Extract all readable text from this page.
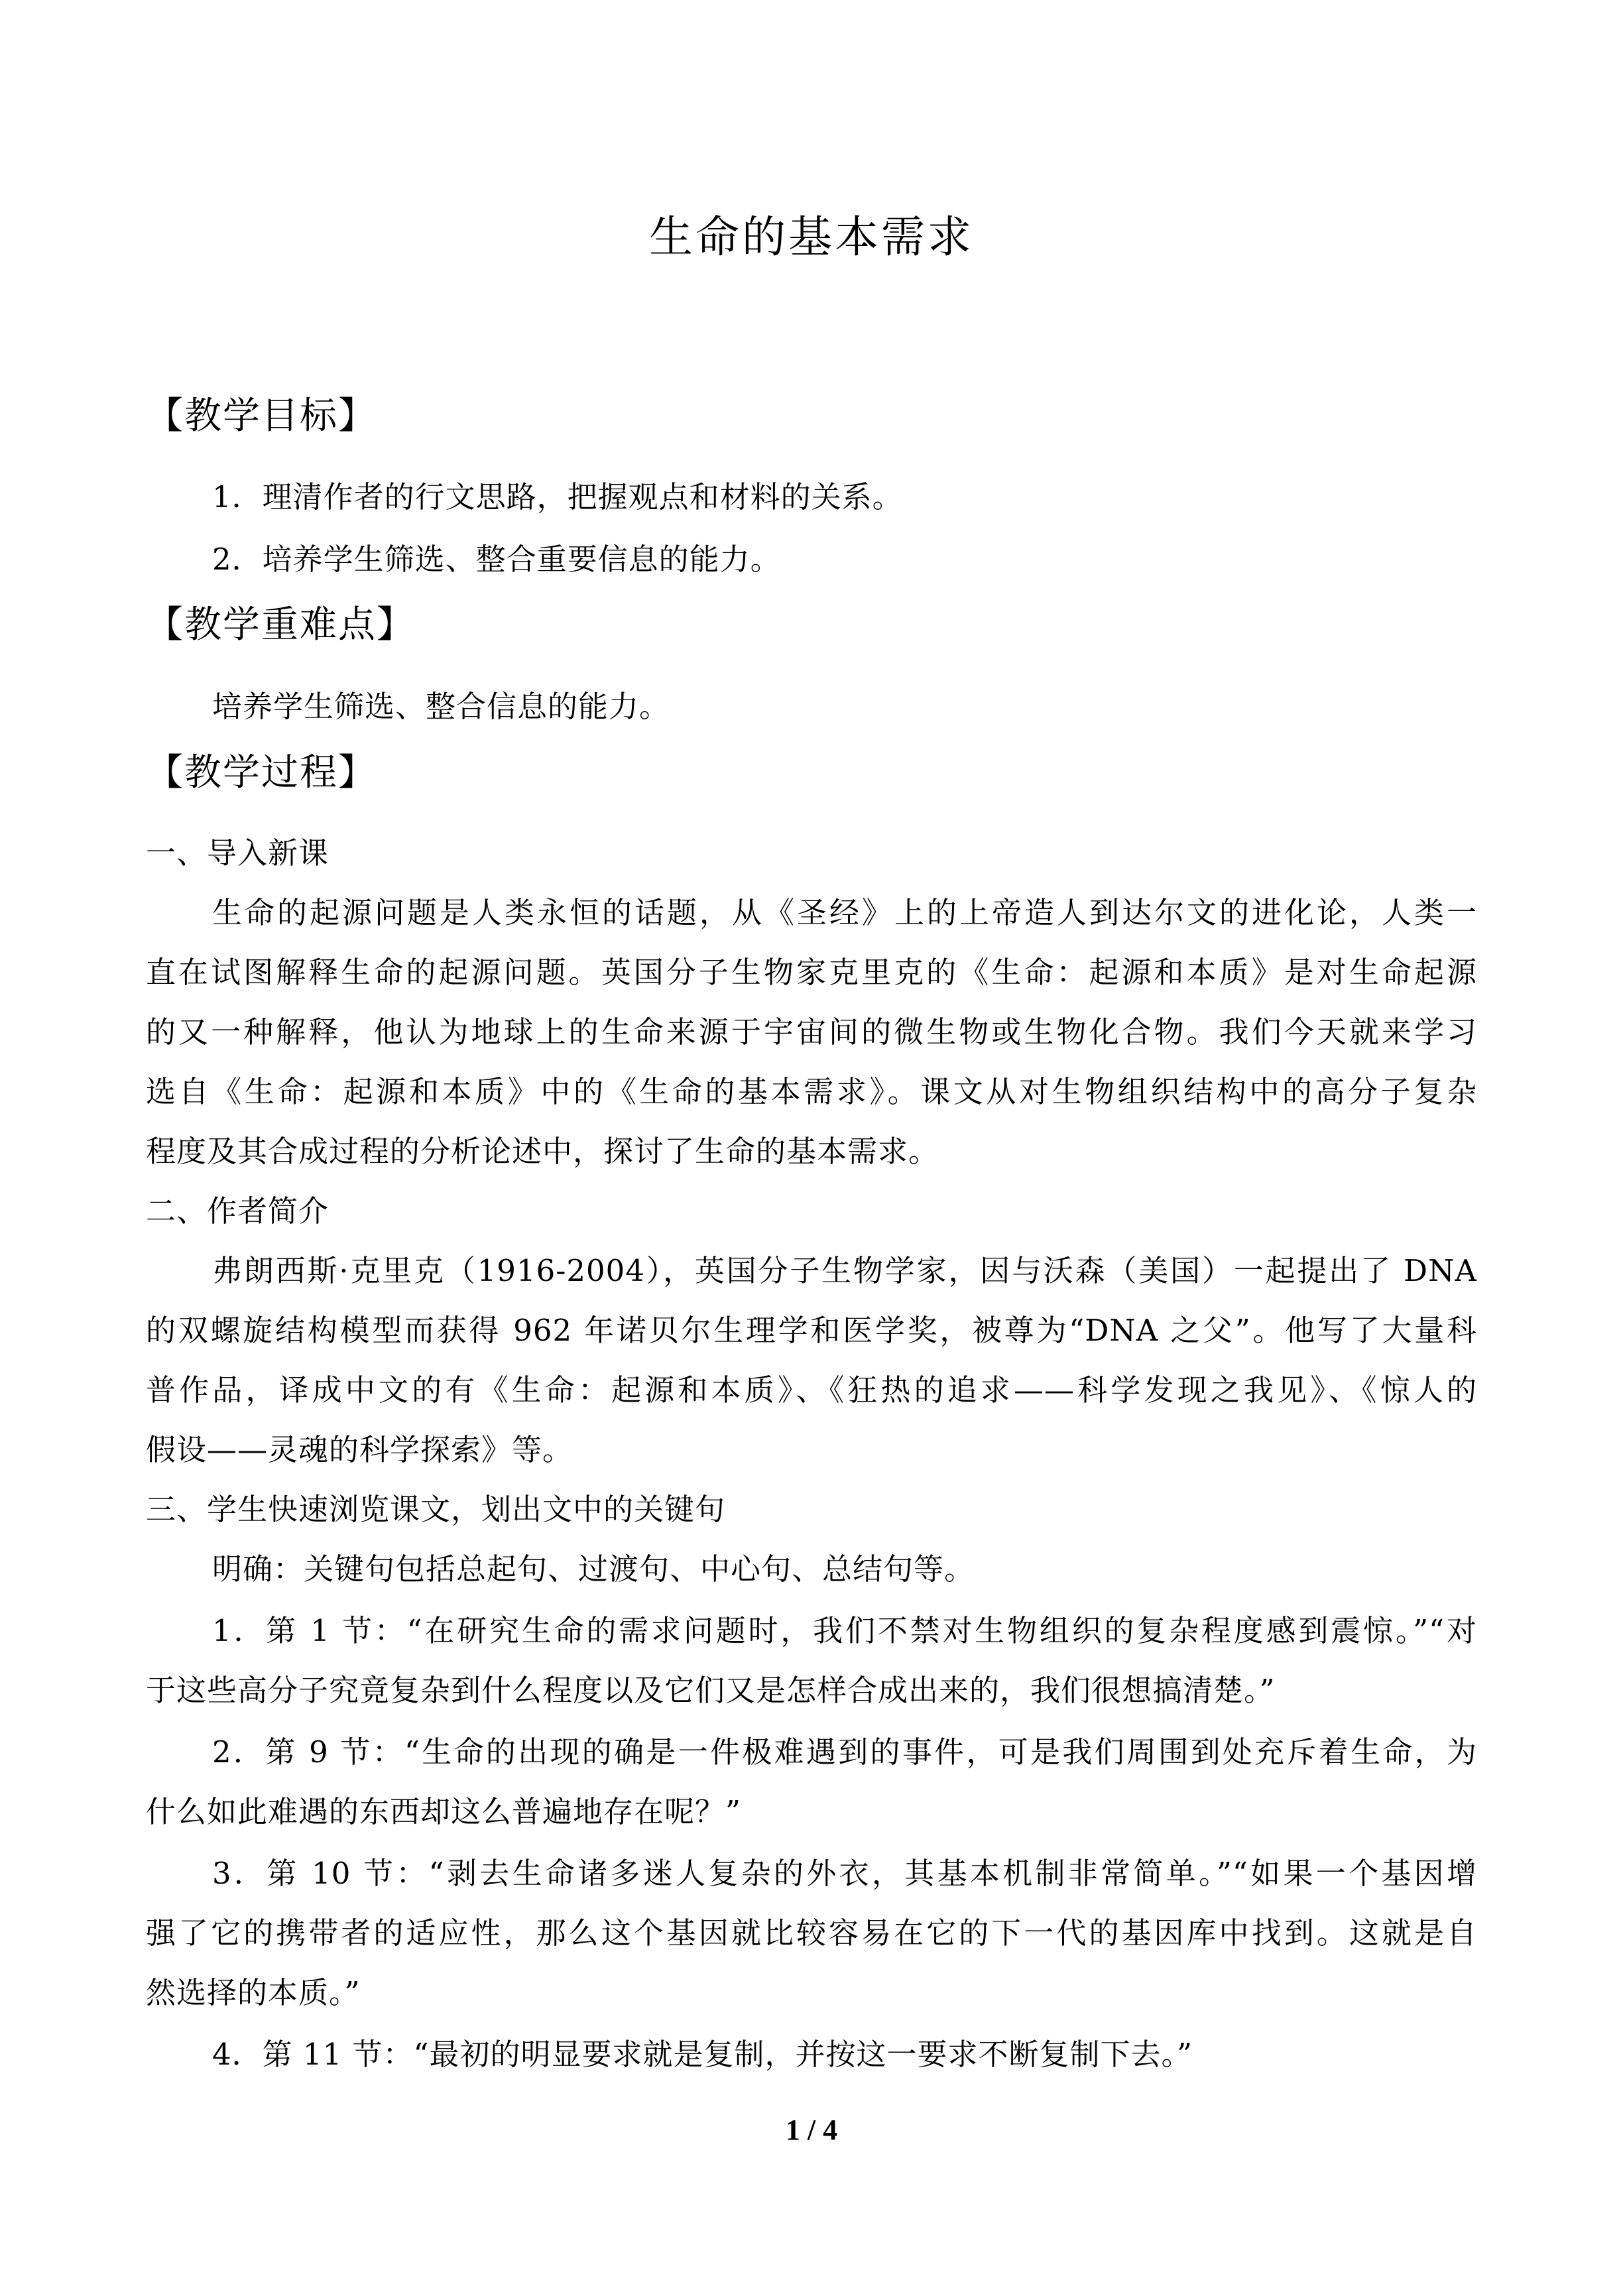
生命的基本需求
【教学目标】

1．理清作者的行文思路，把握观点和材料的关系。

2．培养学生筛选、整合重要信息的能力。

【教学重难点】

培养学生筛选、整合信息的能力。

【教学过程】

一、导入新课

生命的起源问题是人类永恒的话题，从《圣经》上的上帝造人到达尔文的进化论，人类一

直在试图解释生命的起源问题。英国分子生物家克里克的《生命：起源和本质》是对生命起源

的又一种解释，他认为地球上的生命来源于宇宙间的微生物或生物化合物。我们今天就来学习

选自《生命：起源和本质》中的《生命的基本需求》。课文从对生物组织结构中的高分子复杂

程度及其合成过程的分析论述中，探讨了生命的基本需求。

二、作者简介

弗朗西斯·克里克（1916-2004），英国分子生物学家，因与沃森（美国）一起提出了 DNA

的双螺旋结构模型而获得 962 年诺贝尔生理学和医学奖，被尊为“DNA 之父”。他写了大量科

普作品，译成中文的有《生命：起源和本质》、《狂热的追求——科学发现之我见》、《惊人的

假设——灵魂的科学探索》等。

三、学生快速浏览课文，划出文中的关键句

明确：关键句包括总起句、过渡句、中心句、总结句等。

1．第 1 节：“在研究生命的需求问题时，我们不禁对生物组织的复杂程度感到震惊。”“对

于这些高分子究竟复杂到什么程度以及它们又是怎样合成出来的，我们很想搞清楚。”

2．第 9 节：“生命的出现的确是一件极难遇到的事件，可是我们周围到处充斥着生命，为

什么如此难遇的东西却这么普遍地存在呢？”

3．第 10 节：“剥去生命诸多迷人复杂的外衣，其基本机制非常简单。”“如果一个基因增

强了它的携带者的适应性，那么这个基因就比较容易在它的下一代的基因库中找到。这就是自

然选择的本质。”

4．第 11 节：“最初的明显要求就是复制，并按这一要求不断复制下去。”

1 / 4
